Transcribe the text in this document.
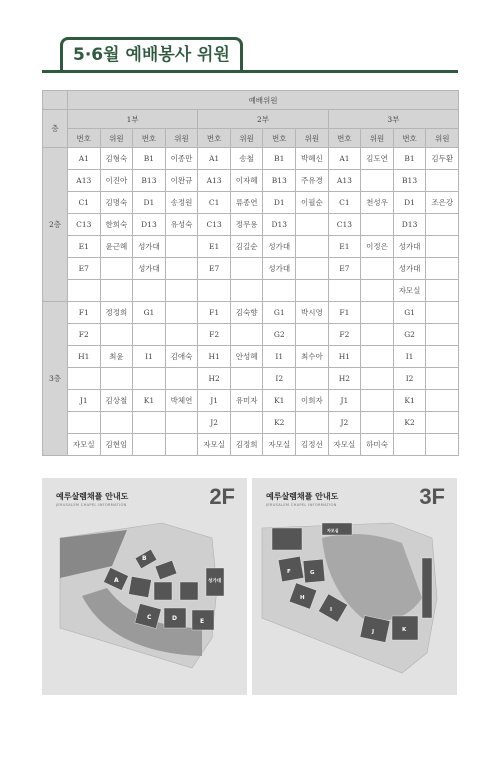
5·6월 예배봉사 위원
	예배위원											
층	1부				2부				3부			
	번호	위원	번호	위원	번호	위원	번호	위원	번호	위원	번호	위원
2층	A1	김형숙	B1	이종만	A1	송철	B1	박혜신	A1	김도연	B1	김두환
	A13	이진아	B13	이완규	A13	이자혜	B13	주유경	A13		B13	
	C1	김명숙	D1	송정원	C1	류종연	D1	이필순	C1	천성우	D1	조은강
	C13	한희숙	D13	유성숙	C13	정무용	D13		C13		D13	
	E1	윤근혜	성가대		E1	김길순	성가대		E1	이정은	성가대	
	E7		성가대		E7		성가대		E7		성가대	
											자모실	
3층	F1	정정희	G1		F1	김숙향	G1	박시영	F1		G1	
	F2				F2		G2		F2		G2	
	H1	최윤	I1	김애숙	H1	안성혜	I1	최수아	H1		I1	
					H2		I2		H2		I2	
	J1	김상철	K1	박체연	J1	유미자	K1	이희자	J1		K1	
					J2		K2		J2		K2	
	자모실	김현임			자모실	김정희	자모실	김정선	자모실	하미숙		
A
B
C	D	E
성가대
예루살렘채플 안내도
JERUSALEM CHAPEL INFORMATION	2F
F	G
H
I
J	K
자모실
예루살렘채플 안내도
JERUSALEM CHAPEL INFORMATION	3F
